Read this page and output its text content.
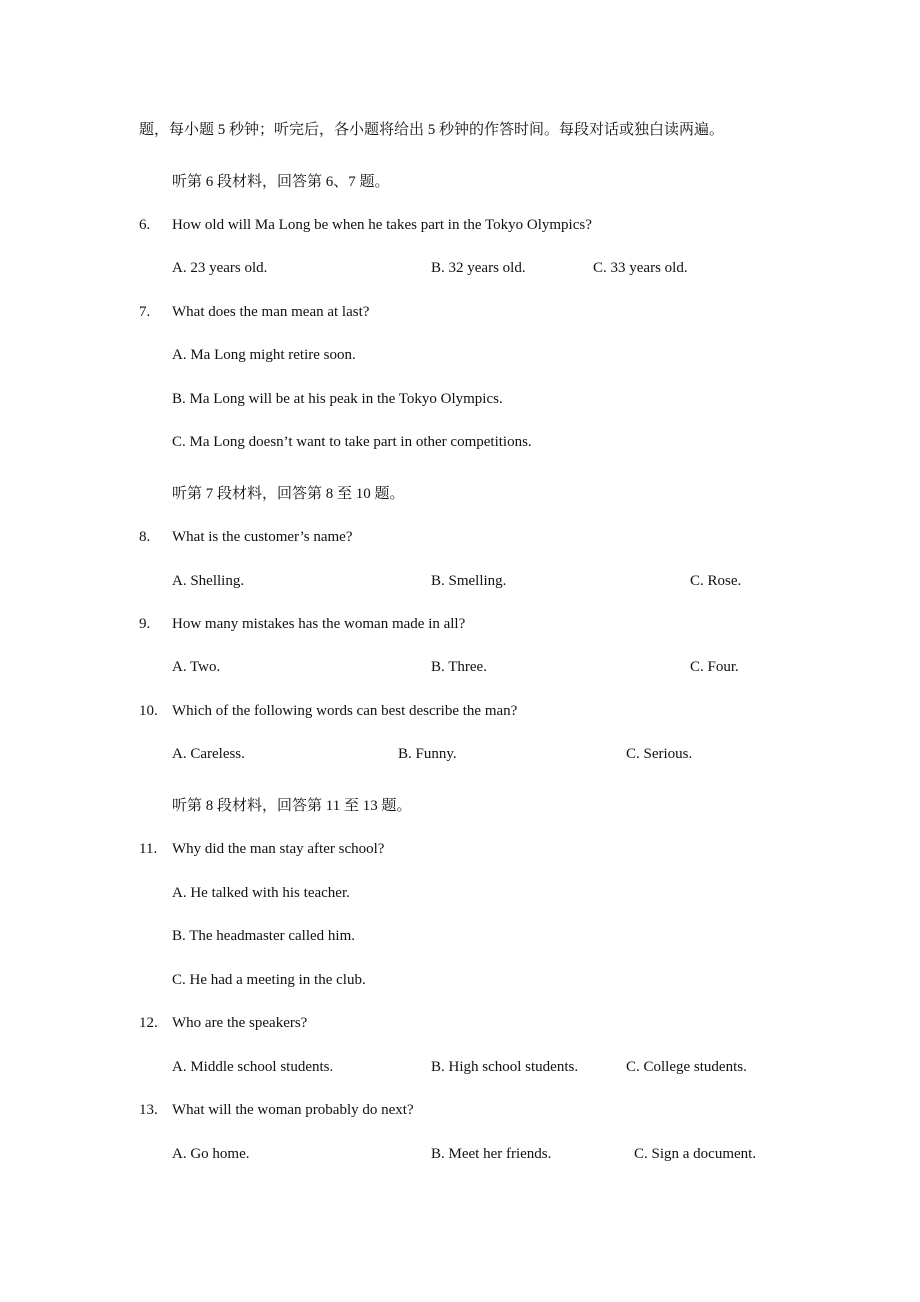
题，每小题 5 秒钟；听完后，各小题将给出 5 秒钟的作答时间。每段对话或独白读两遍。
听第 6 段材料，回答第 6、7 题。
6. How old will Ma Long be when he takes part in the Tokyo Olympics?
A. 23 years old.	B. 32 years old.	C. 33 years old.
7. What does the man mean at last?
A. Ma Long might retire soon.
B. Ma Long will be at his peak in the Tokyo Olympics.
C. Ma Long doesn’t want to take part in other competitions.
听第 7 段材料，回答第 8 至 10 题。
8. What is the customer’s name?
A. Shelling.	B. Smelling.	C. Rose.
9. How many mistakes has the woman made in all?
A. Two.	B. Three.	C. Four.
10. Which of the following words can best describe the man?
A. Careless.	B. Funny.	C. Serious.
听第 8 段材料，回答第 11 至 13 题。
11. Why did the man stay after school?
A. He talked with his teacher.
B. The headmaster called him.
C. He had a meeting in the club.
12. Who are the speakers?
A. Middle school students.	B. High school students.	C. College students.
13. What will the woman probably do next?
A. Go home.	B. Meet her friends.	C. Sign a document.
